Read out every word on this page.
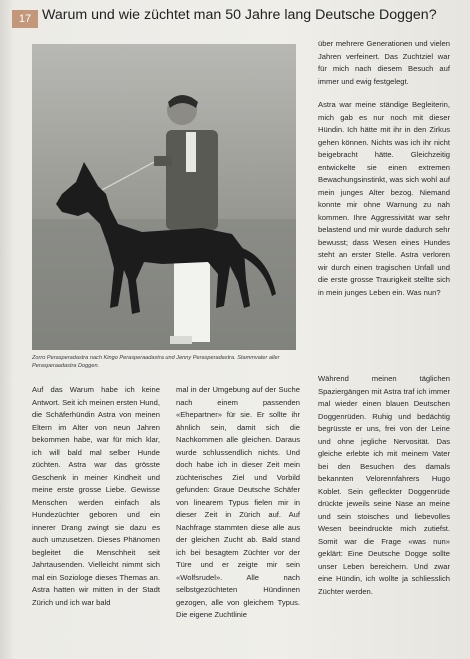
17 Warum und wie züchtet man 50 Jahre lang Deutsche Doggen?
Zorro Perasperadastra nach Kingo Perasperaadastra und Jenny Perasperadastra. Stammvater aller Perasperaadastra Doggen.

Auf das Warum habe ich keine Antwort. Seit ich meinen ersten Hund, die Schäferhündin Astra von meinen Eltern im Alter von neun Jahren bekommen habe, war für mich klar, ich will bald mal selber Hunde züchten. Astra war das grösste Geschenk in meiner Kindheit und meine erste grosse Liebe. Gewisse Menschen werden einfach als Hundezüchter geboren und ein innerer Drang zwingt sie dazu es auch umzusetzen. Dieses Phänomen begleitet die Menschheit seit Jahrtausenden. Vielleicht nimmt sich mal ein Soziologe dieses Themas an. Astra hatten wir mitten in der Stadt Zürich und ich war bald

mal in der Umgebung auf der Suche nach einem passenden «Ehepartner» für sie. Er sollte ihr ähnlich sein, damit sich die Nachkommen alle gleichen. Daraus wurde schlussendlich nichts. Und doch habe ich in dieser Zeit mein züchterisches Ziel und Vorbild gefunden: Graue Deutsche Schäfer von linearem Typus fielen mir in dieser Zeit in Zürich auf. Auf Nachfrage stammten diese alle aus der gleichen Zucht ab. Bald stand ich bei besagtem Züchter vor der Türe und er zeigte mir sein «Wolfsrudel». Alle nach selbstgezüchteten Hündinnen gezogen, alle von gleichem Typus. Die eigene Zuchtlinie

über mehrere Generationen und vielen Jahren verfeinert. Das Zuchtziel war für mich nach diesem Besuch auf immer und ewig festgelegt.

Astra war meine ständige Begleiterin, mich gab es nur noch mit dieser Hündin. Ich hätte mit ihr in den Zirkus gehen können. Nichts was ich ihr nicht beigebracht hätte. Gleichzeitig entwickelte sie einen extremen Bewachungsinstinkt, was sich wohl auf mein junges Alter bezog. Niemand konnte mir ohne Warnung zu nah kommen. Ihre Aggressivität war sehr belastend und mir wurde dadurch sehr bewusst; dass Wesen eines Hundes steht an erster Stelle. Astra verloren wir durch einen tragischen Unfall und die erste grosse Traurigkeit stellte sich in mein junges Leben ein. Was nun?

Während meinen täglichen Spaziergängen mit Astra traf ich immer mal wieder einen blauen Deutschen Doggenrüden. Ruhig und bedächtig begrüsste er uns, frei von der Leine und ohne jegliche Nervosität. Das gleiche erlebte ich mit meinem Vater bei den Besuchen des damals bekannten Velorennfahrers Hugo Koblet. Sein gefleckter Doggenrüde drückte jeweils seine Nase an meine und sein stoisches und liebevolles Wesen beeindruckte mich zutiefst. Somit war die Frage «was nun» geklärt: Eine Deutsche Dogge sollte unser Leben bereichern. Und zwar eine Hündin, ich wollte ja schliesslich Züchter werden.
